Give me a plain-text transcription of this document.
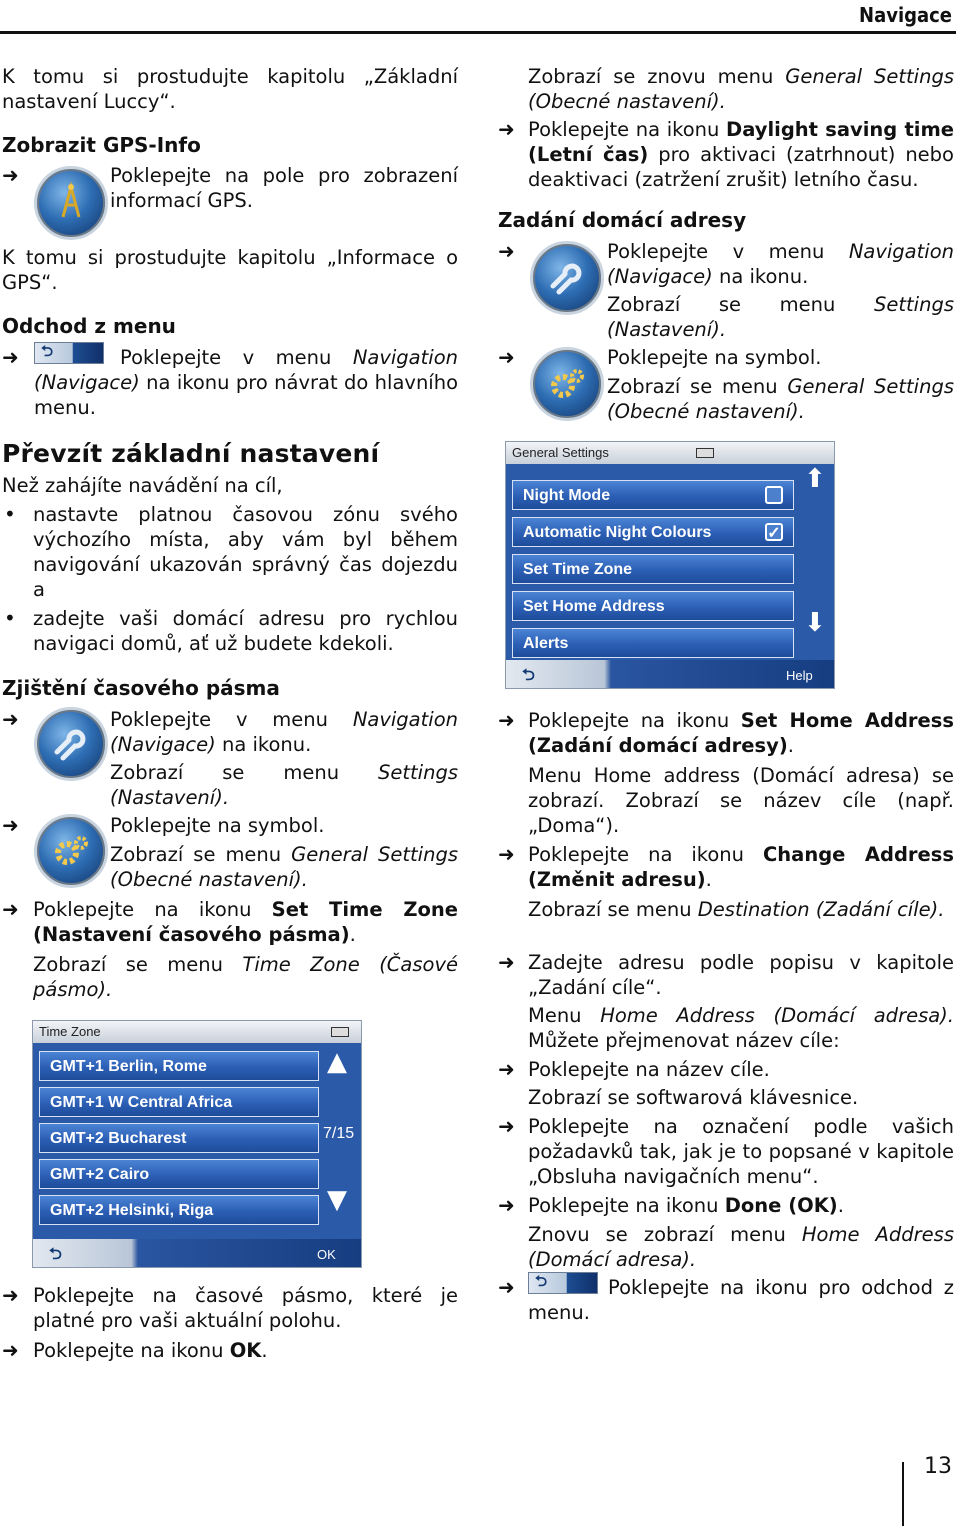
Navigace

K tomu si prostudujte kapitolu „Základní nastavení Luccy“.

Zobrazit GPS-Info

➜	Poklepejte na pole pro zobrazení informací GPS.

K tomu si prostudujte kapitolu „Informace o GPS“.

Odchod z menu

➜ ⮌	Poklepejte v menu Navigation (Navigace) na ikonu pro návrat do hlavního menu.

Převzít základní nastavení

Než zahájíte navádění na cíl,

• nastavte platnou časovou zónu svého výchozího místa, aby vám byl během navigování ukazován správný čas dojezdu a

• zadejte vaši domácí adresu pro rychlou navigaci domů, ať už budete kdekoli.

Zjištění časového pásma

➜	Poklepejte v menu Navigation (Navigace) na ikonu.
Zobrazí se menu Settings (Nastavení).
➜	Poklepejte na symbol.

Zobrazí se menu General Settings (Obecné nastavení).
➜ Poklepejte na ikonu Set Time Zone (Nastavení časového pásma).
Zobrazí se menu Time Zone (Časové pásmo).
Time Zone
GMT+1 Berlin, Rome
GMT+1 W Central Africa
GMT+2 Bucharest
GMT+2 Cairo
GMT+2 Helsinki, Riga
▲
7/15
▼
⮌	OK
➜ Poklepejte na časové pásmo, které je platné pro vaši aktuální polohu.

➜ Poklepejte na ikonu OK.
Zobrazí se znovu menu General Settings (Obecné nastavení).
➜ Poklepejte na ikonu Daylight saving time (Letní čas) pro aktivaci (zatrhnout) nebo deaktivaci (zatržení zrušit) letního času.

Zadání domácí adresy

➜	Poklepejte v menu Navigation (Navigace) na ikonu.
Zobrazí se menu Settings (Nastavení).
➜	Poklepejte na symbol.

Zobrazí se menu General Settings (Obecné nastavení).
General Settings
Night Mode
Automatic Night Colours	✓
Set Time Zone
Set Home Address
Alerts
⬆
⬇
⮌	Help
➜ Poklepejte na ikonu Set Home Address (Zadání domácí adresy).

Menu Home address (Domácí adresa) se zobrazí. Zobrazí se název cíle (např. „Doma“).

➜ Poklepejte na ikonu Change Address (Změnit adresu).
Zobrazí se menu Destination (Zadání cíle).
➜ Zadejte adresu podle popisu v kapitole „Zadání cíle“.

Menu Home Address (Domácí adresa). Můžete přejmenovat název cíle:
➜ Poklepejte na název cíle.

Zobrazí se softwarová klávesnice.

➜ Poklepejte na označení podle vašich požadavků tak, jak je to popsané v kapitole „Obsluha navigačních menu“.

➜ Poklepejte na ikonu Done (OK).
Znovu se zobrazí menu Home Address (Domácí adresa).
➜ ⮌	Poklepejte na ikonu pro odchod z menu.

13
